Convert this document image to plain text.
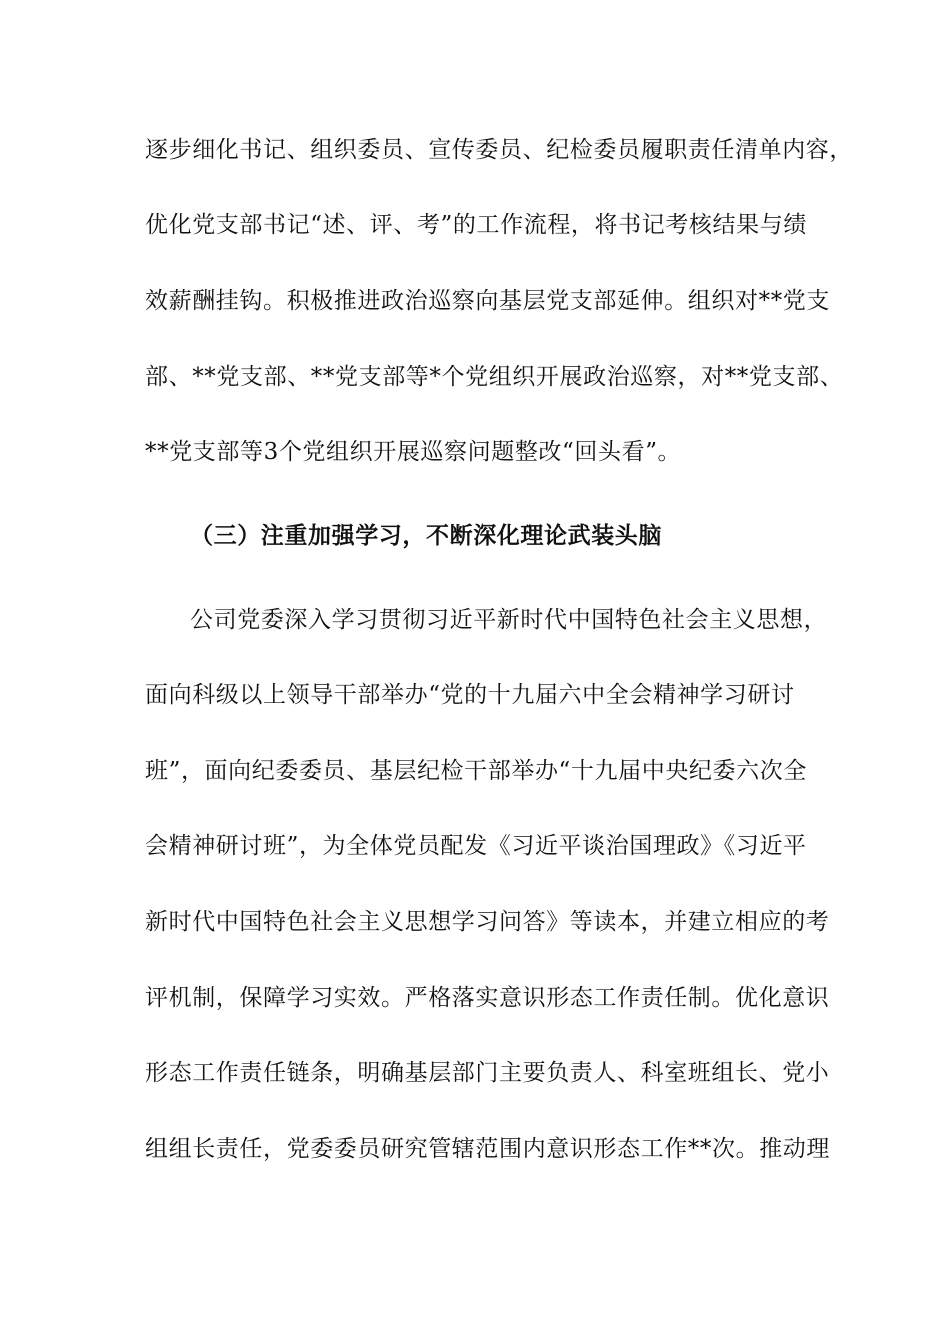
逐步细化书记、组织委员、宣传委员、纪检委员履职责任清单内容，
优化党支部书记“述、评、考”的工作流程，将书记考核结果与绩
效薪酬挂钩。积极推进政治巡察向基层党支部延伸。组织对**党支
部、**党支部、**党支部等*个党组织开展政治巡察，对**党支部、
**党支部等3个党组织开展巡察问题整改“回头看”。
（三）注重加强学习，不断深化理论武装头脑
公司党委深入学习贯彻习近平新时代中国特色社会主义思想，
面向科级以上领导干部举办“党的十九届六中全会精神学习研讨
班”，面向纪委委员、基层纪检干部举办“十九届中央纪委六次全
会精神研讨班”，为全体党员配发《习近平谈治国理政》《习近平
新时代中国特色社会主义思想学习问答》等读本，并建立相应的考
评机制，保障学习实效。严格落实意识形态工作责任制。优化意识
形态工作责任链条，明确基层部门主要负责人、科室班组长、党小
组组长责任，党委委员研究管辖范围内意识形态工作**次。推动理
